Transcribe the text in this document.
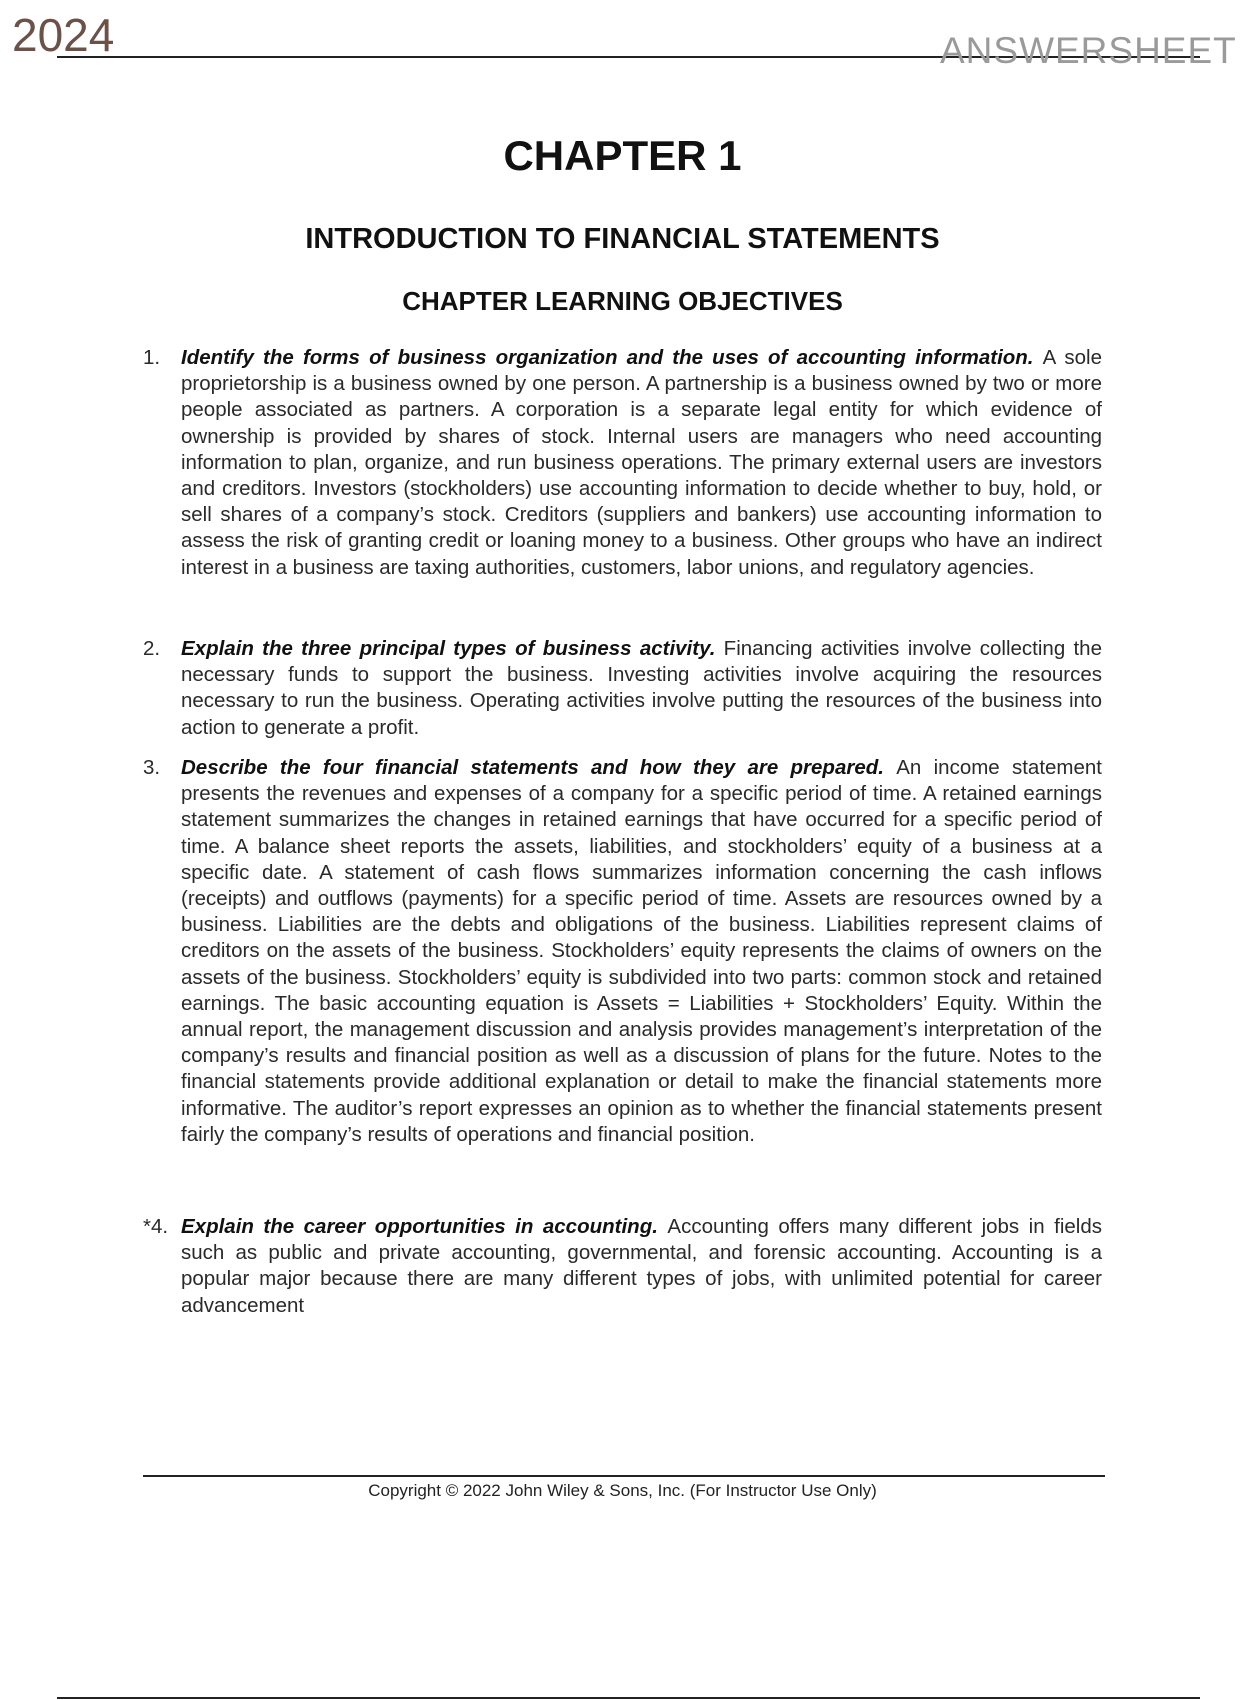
2024	ANSWERSHEET
CHAPTER 1
INTRODUCTION TO FINANCIAL STATEMENTS
CHAPTER LEARNING OBJECTIVES
1.	Identify the forms of business organization and the uses of accounting information. A sole proprietorship is a business owned by one person. A partnership is a business owned by two or more people associated as partners. A corporation is a separate legal entity for which evidence of ownership is provided by shares of stock. Internal users are managers who need accounting information to plan, organize, and run business operations. The primary external users are investors and creditors. Investors (stockholders) use accounting information to decide whether to buy, hold, or sell shares of a company’s stock. Creditors (suppliers and bankers) use accounting information to assess the risk of granting credit or loaning money to a business. Other groups who have an indirect interest in a business are taxing authorities, customers, labor unions, and regulatory agencies.
2.	Explain the three principal types of business activity. Financing activities involve collecting the necessary funds to support the business. Investing activities involve acquiring the resources necessary to run the business. Operating activities involve putting the resources of the business into action to generate a profit.
3.	Describe the four financial statements and how they are prepared. An income statement presents the revenues and expenses of a company for a specific period of time. A retained earnings statement summarizes the changes in retained earnings that have occurred for a specific period of time. A balance sheet reports the assets, liabilities, and stockholders’ equity of a business at a specific date. A statement of cash flows summarizes information concerning the cash inflows (receipts) and outflows (payments) for a specific period of time. Assets are resources owned by a business. Liabilities are the debts and obligations of the business. Liabilities represent claims of creditors on the assets of the business. Stockholders’ equity represents the claims of owners on the assets of the business. Stockholders’ equity is subdivided into two parts: common stock and retained earnings. The basic accounting equation is Assets = Liabilities + Stockholders’ Equity. Within the annual report, the management discussion and analysis provides management’s interpretation of the company’s results and financial position as well as a discussion of plans for the future. Notes to the financial statements provide additional explanation or detail to make the financial statements more informative. The auditor’s report expresses an opinion as to whether the financial statements present fairly the company’s results of operations and financial position.
*4. Explain the career opportunities in accounting. Accounting offers many different jobs in fields such as public and private accounting, governmental, and forensic accounting. Accounting is a popular major because there are many different types of jobs, with unlimited potential for career advancement
Copyright © 2022 John Wiley & Sons, Inc. (For Instructor Use Only)
